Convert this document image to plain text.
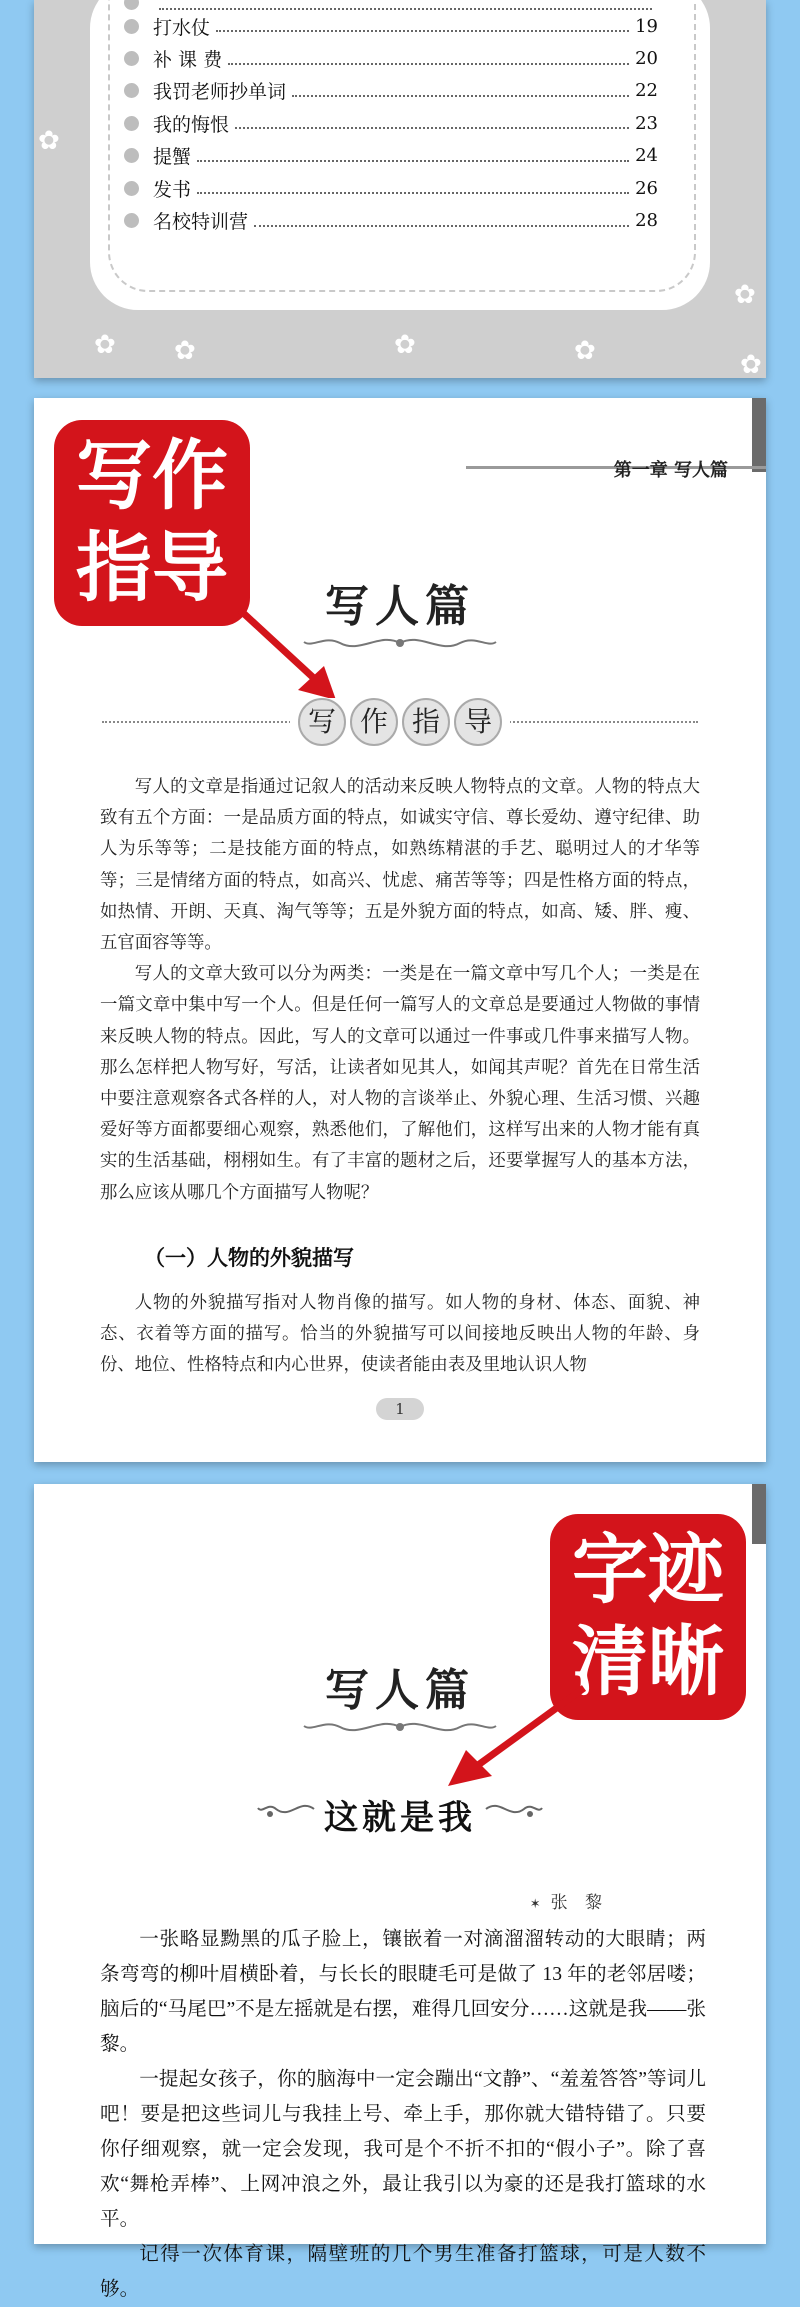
✿
✿ ✿	✿	✿
✿
✿
打水仗	19
补 课 费	20
我罚老师抄单词	22
我的悔恨	23
提蟹	24
发书	26
名校特训营	28
第一章 写人篇
写作
指导	写人篇
写 作 指 导

写人的文章是指通过记叙人的活动来反映人物特点的文章。人物的特点大致有五个方面：一是品质方面的特点，如诚实守信、尊长爱幼、遵守纪律、助人为乐等等；二是技能方面的特点，如熟练精湛的手艺、聪明过人的才华等等；三是情绪方面的特点，如高兴、忧虑、痛苦等等；四是性格方面的特点，如热情、开朗、天真、淘气等等；五是外貌方面的特点，如高、矮、胖、瘦、五官面容等等。

写人的文章大致可以分为两类：一类是在一篇文章中写几个人；一类是在一篇文章中集中写一个人。但是任何一篇写人的文章总是要通过人物做的事情来反映人物的特点。因此，写人的文章可以通过一件事或几件事来描写人物。那么怎样把人物写好，写活，让读者如见其人，如闻其声呢？首先在日常生活中要注意观察各式各样的人，对人物的言谈举止、外貌心理、生活习惯、兴趣爱好等方面都要细心观察，熟悉他们，了解他们，这样写出来的人物才能有真实的生活基础，栩栩如生。有了丰富的题材之后，还要掌握写人的基本方法，那么应该从哪几个方面描写人物呢？

（一）人物的外貌描写

人物的外貌描写指对人物肖像的描写。如人物的身材、体态、面貌、神态、衣着等方面的描写。恰当的外貌描写可以间接地反映出人物的年龄、身份、地位、性格特点和内心世界，使读者能由表及里地认识人物

1
字迹
清晰
写人篇
这就是我
✶ 张 黎

一张略显黝黑的瓜子脸上，镶嵌着一对滴溜溜转动的大眼睛；两条弯弯的柳叶眉横卧着，与长长的眼睫毛可是做了 13 年的老邻居喽；脑后的“马尾巴”不是左摇就是右摆，难得几回安分……这就是我——张黎。

一提起女孩子，你的脑海中一定会蹦出“文静”、“羞羞答答”等词儿吧！要是把这些词儿与我挂上号、牵上手，那你就大错特错了。只要你仔细观察，就一定会发现，我可是个不折不扣的“假小子”。除了喜欢“舞枪弄棒”、上网冲浪之外，最让我引以为豪的还是我打篮球的水平。

记得一次体育课，隔壁班的几个男生准备打篮球，可是人数不够。
